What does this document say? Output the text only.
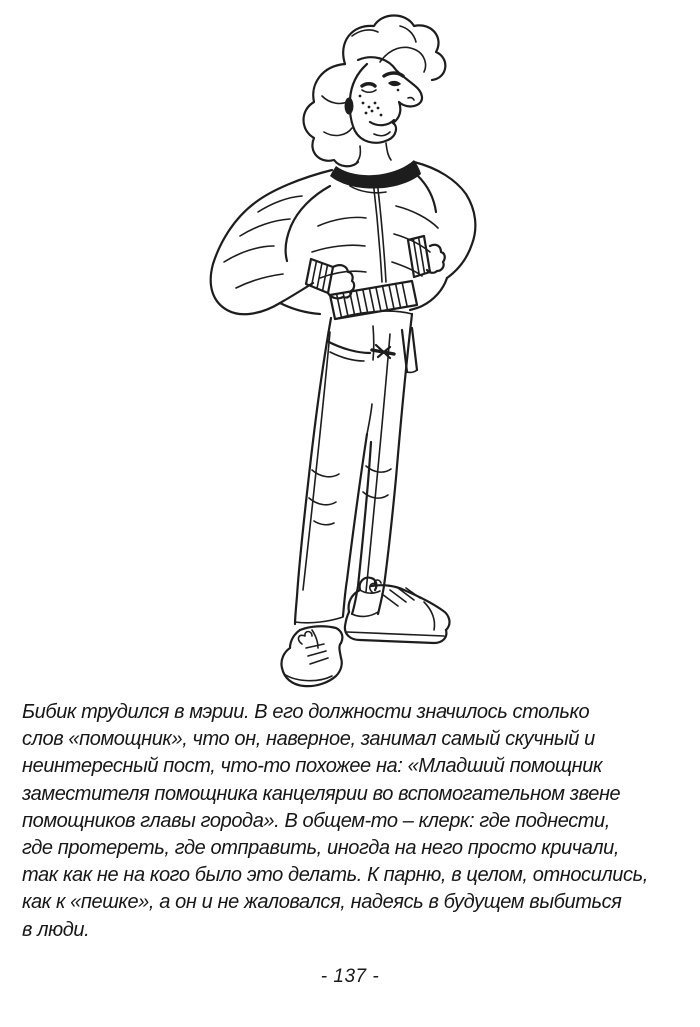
Бибик трудился в мэрии. В его должности значилось столько
слов «помощник», что он, наверное, занимал самый скучный и
неинтересный пост, что-то похожее на: «Младший помощник
заместителя помощника канцелярии во вспомогательном звене
помощников главы города». В общем-то – клерк: где поднести,
где протереть, где отправить, иногда на него просто кричали,
так как не на кого было это делать. К парню, в целом, относились,
как к «пешке», а он и не жаловался, надеясь в будущем выбиться
в люди.
- 137 -
